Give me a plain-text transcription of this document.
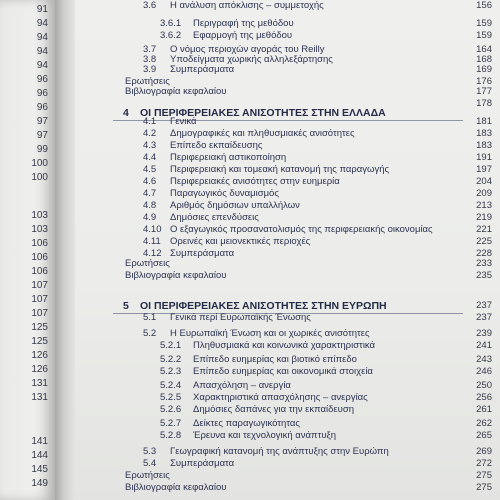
91
94
94
94
94
96
96
96
97
97
99
100
100
103
103
106
106
106
107
107
107
125
125
126
126
131
131
141
144
145
149
3.6 Η ανάλυση απόκλισης – συμμετοχής	156
3.6.1 Περιγραφή της μεθόδου	159
3.6.2 Εφαρμογή της μεθόδου	159
3.7 Ο νόμος περιοχών αγοράς του Reilly	164
3.8 Υποδείγματα χωρικής αλληλεξάρτησης	168
3.9 Συμπεράσματα	169
Ερωτήσεις	176
Βιβλιογραφία κεφαλαίου	177
178
4 ΟΙ ΠΕΡΙΦΕΡΕΙΑΚΕΣ ΑΝΙΣΟΤΗΤΕΣ ΣΤΗΝ ΕΛΛΑΔΑ
4.1 Γενικά	181
4.2 Δημογραφικές και πληθυσμιακές ανισότητες	183
4.3 Επίπεδο εκπαίδευσης	183
4.4 Περιφερειακή αστικοποίηση	191
4.5 Περιφερειακή και τομεακή κατανομή της παραγωγής	197
4.6 Περιφερειακές ανισότητες στην ευημερία	204
4.7 Παραγωγικός δυναμισμός	209
4.8 Αριθμός δημόσιων υπαλλήλων	213
4.9 Δημόσιες επενδύσεις	219
4.10 Ο εξαγωγικός προσανατολισμός της περιφερειακής οικονομίας	221
4.11 Ορεινές και μειονεκτικές περιοχές	225
4.12 Συμπεράσματα	228
Ερωτήσεις	233
Βιβλιογραφία κεφαλαίου	235
5 ΟΙ ΠΕΡΙΦΕΡΕΙΑΚΕΣ ΑΝΙΣΟΤΗΤΕΣ ΣΤΗΝ ΕΥΡΩΠΗ	237
5.1 Γενικά περί Ευρωπαϊκής Ένωσης	237
5.2 Η Ευρωπαϊκή Ένωση και οι χωρικές ανισότητες	239
5.2.1 Πληθυσμιακά και κοινωνικά χαρακτηριστικά	241
5.2.2 Επίπεδο ευημερίας και βιοτικό επίπεδο	243
5.2.3 Επίπεδο ευημερίας και οικονομικά στοιχεία	246
5.2.4 Απασχόληση – ανεργία	250
5.2.5 Χαρακτηριστικά απασχόλησης – ανεργίας	256
5.2.6 Δημόσιες δαπάνες για την εκπαίδευση	261
5.2.7 Δείκτες παραγωγικότητας	262
5.2.8 Έρευνα και τεχνολογική ανάπτυξη	265
5.3 Γεωγραφική κατανομή της ανάπτυξης στην Ευρώπη	269
5.4 Συμπεράσματα	272
Ερωτήσεις	275
Βιβλιογραφία κεφαλαίου	275
